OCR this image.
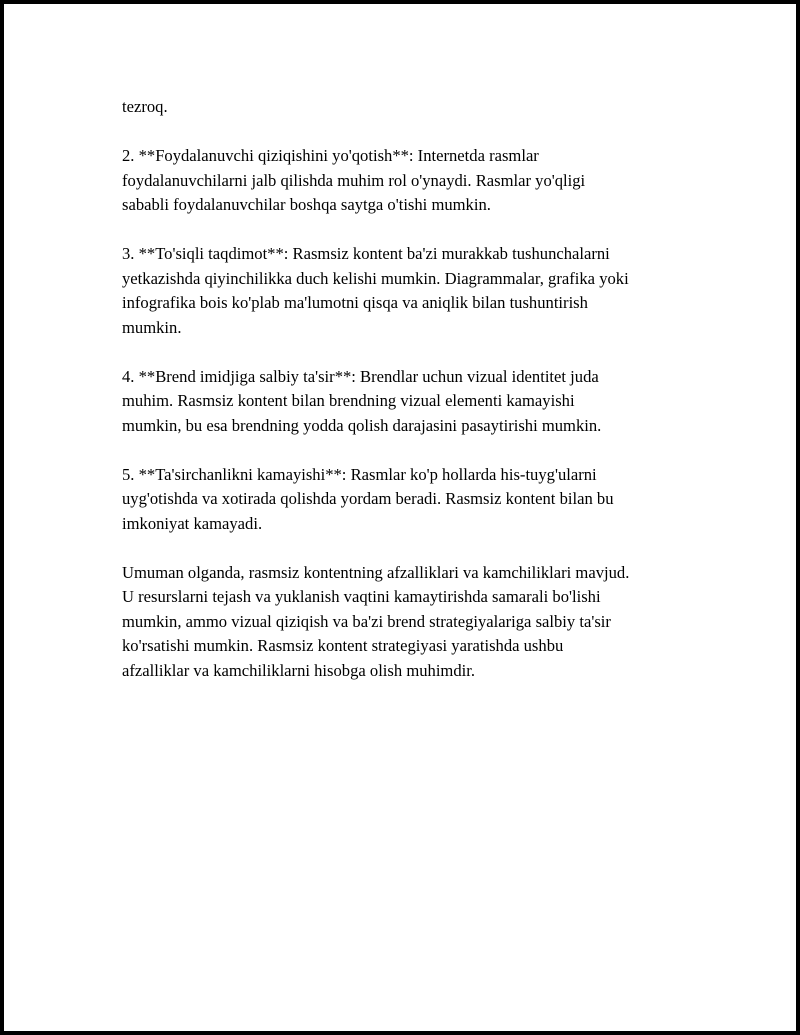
tezroq.

2. **Foydalanuvchi qiziqishini yo'qotish**: Internetda rasmlar
foydalanuvchilarni jalb qilishda muhim rol o'ynaydi. Rasmlar yo'qligi
sababli foydalanuvchilar boshqa saytga o'tishi mumkin.

3. **To'siqli taqdimot**: Rasmsiz kontent ba'zi murakkab tushunchalarni
yetkazishda qiyinchilikka duch kelishi mumkin. Diagrammalar, grafika yoki
infografika bois ko'plab ma'lumotni qisqa va aniqlik bilan tushuntirish
mumkin.

4. **Brend imidjiga salbiy ta'sir**: Brendlar uchun vizual identitet juda
muhim. Rasmsiz kontent bilan brendning vizual elementi kamayishi
mumkin, bu esa brendning yodda qolish darajasini pasaytirishi mumkin.

5. **Ta'sirchanlikni kamayishi**: Rasmlar ko'p hollarda his-tuyg'ularni
uyg'otishda va xotirada qolishda yordam beradi. Rasmsiz kontent bilan bu
imkoniyat kamayadi.

Umuman olganda, rasmsiz kontentning afzalliklari va kamchiliklari mavjud.
U resurslarni tejash va yuklanish vaqtini kamaytirishda samarali bo'lishi
mumkin, ammo vizual qiziqish va ba'zi brend strategiyalariga salbiy ta'sir
ko'rsatishi mumkin. Rasmsiz kontent strategiyasi yaratishda ushbu
afzalliklar va kamchiliklarni hisobga olish muhimdir.
